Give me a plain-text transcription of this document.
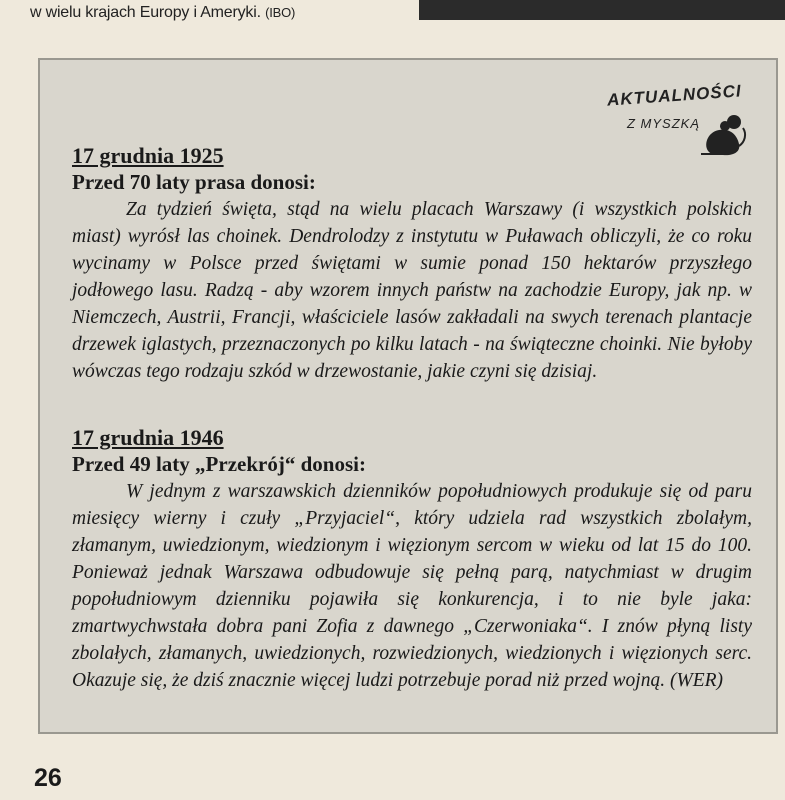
w wielu krajach Europy i Ameryki. (IBO)
AKTUALNOŚCI
Z MYSZKĄ
17 grudnia 1925
Przed 70 laty prasa donosi:
Za tydzień święta, stąd na wielu placach Warszawy (i wszystkich polskich miast) wyrósł las choinek. Dendrolodzy z instytutu w Puławach obliczyli, że co roku wycinamy w Polsce przed świętami w sumie ponad 150 hektarów przyszłego jodłowego lasu. Radzą - aby wzorem innych państw na zachodzie Europy, jak np. w Niemczech, Austrii, Francji, właściciele lasów zakładali na swych terenach plantacje drzewek iglastych, przeznaczonych po kilku latach - na świąteczne choinki. Nie byłoby wówczas tego rodzaju szkód w drzewostanie, jakie czyni się dzisiaj.
17 grudnia 1946
Przed 49 laty „Przekrój“ donosi:
W jednym z warszawskich dzienników popołudniowych produkuje się od paru miesięcy wierny i czuły „Przyjaciel“, który udziela rad wszystkich zbolałym, złamanym, uwiedzionym, wiedzionym i więzionym sercom w wieku od lat 15 do 100. Ponieważ jednak Warszawa odbudowuje się pełną parą, natychmiast w drugim popołudniowym dzienniku pojawiła się konkurencja, i to nie byle jaka: zmartwychwstała dobra pani Zofia z dawnego „Czerwoniaka“. I znów płyną listy zbolałych, złamanych, uwiedzionych, rozwiedzionych, wiedzionych i więzionych serc. Okazuje się, że dziś znacznie więcej ludzi potrzebuje porad niż przed wojną. (WER)
26
